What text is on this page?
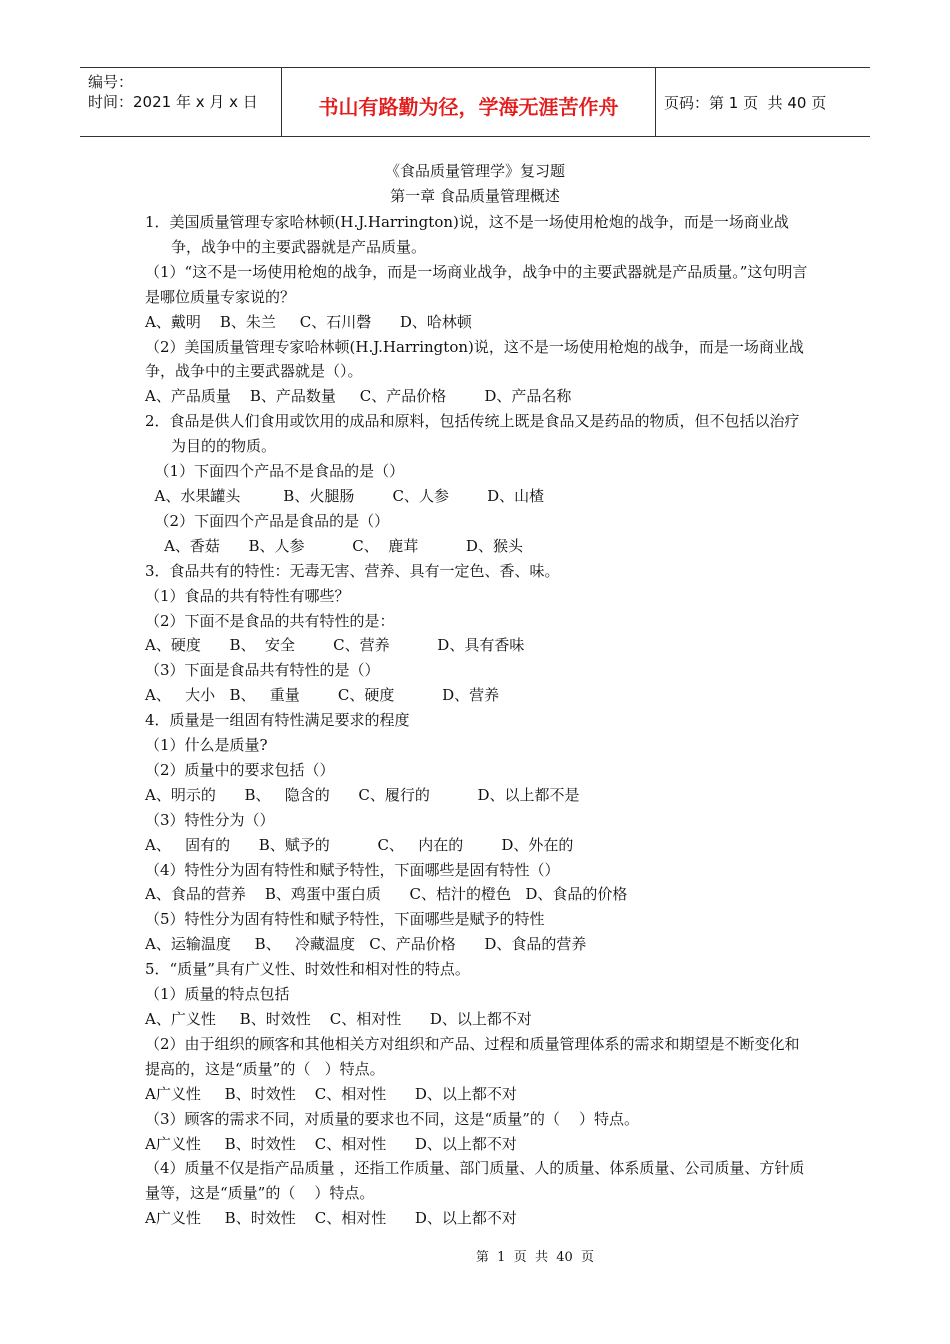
编号：
时间：2021 年 x 月 x 日	书山有路勤为径，学海无涯苦作舟	页码：第 1 页  共 40 页
《食品质量管理学》复习题
第一章 食品质量管理概述

1．美国质量管理专家哈林顿(H.J.Harrington)说，这不是一场使用枪炮的战争，而是一场商业战争，战争中的主要武器就是产品质量。

（1）“这不是一场使用枪炮的战争，而是一场商业战争，战争中的主要武器就是产品质量。”这句明言是哪位质量专家说的？

A、戴明    B、朱兰     C、石川磬      D、哈林顿

（2）美国质量管理专家哈林顿(H.J.Harrington)说，这不是一场使用枪炮的战争，而是一场商业战争，战争中的主要武器就是（）。

A、产品质量    B、产品数量     C、产品价格        D、产品名称

2．食品是供人们食用或饮用的成品和原料，包括传统上既是食品又是药品的物质，但不包括以治疗为目的的物质。

（1）下面四个产品不是食品的是（）

A、水果罐头         B、火腿肠        C、人参        D、山楂

（2）下面四个产品是食品的是（）

A、香菇      B、人参          C、  鹿茸          D、猴头

3．食品共有的特性：无毒无害、营养、具有一定色、香、味。

（1）食品的共有特性有哪些？

（2）下面不是食品的共有特性的是：

A、硬度      B、  安全        C、营养          D、具有香味

（3）下面是食品共有特性的是（）

A、   大小   B、   重量        C、硬度          D、营养

4．质量是一组固有特性满足要求的程度

（1）什么是质量?

（2）质量中的要求包括（）

A、明示的      B、   隐含的      C、履行的          D、以上都不是

（3）特性分为（）

A、   固有的      B、赋予的          C、   内在的        D、外在的

（4）特性分为固有特性和赋予特性，下面哪些是固有特性（）

A、食品的营养    B、鸡蛋中蛋白质      C、桔汁的橙色   D、食品的价格

（5）特性分为固有特性和赋予特性，下面哪些是赋予的特性

A、运输温度     B、   冷藏温度   C、产品价格      D、食品的营养

5．“质量”具有广义性、时效性和相对性的特点。

（1）质量的特点包括

A、广义性     B、时效性    C、相对性      D、以上都不对

（2）由于组织的顾客和其他相关方对组织和产品、过程和质量管理体系的需求和期望是不断变化和提高的，这是“质量”的（   ）特点。

A广义性     B、时效性    C、相对性      D、以上都不对

（3）顾客的需求不同，对质量的要求也不同，这是“质量”的（    ）特点。

A广义性     B、时效性    C、相对性      D、以上都不对

（4）质量不仅是指产品质量 ，还指工作质量、部门质量、人的质量、体系质量、公司质量、方针质量等，这是“质量”的（    ）特点。

A广义性     B、时效性    C、相对性      D、以上都不对

第  1  页  共  40  页
